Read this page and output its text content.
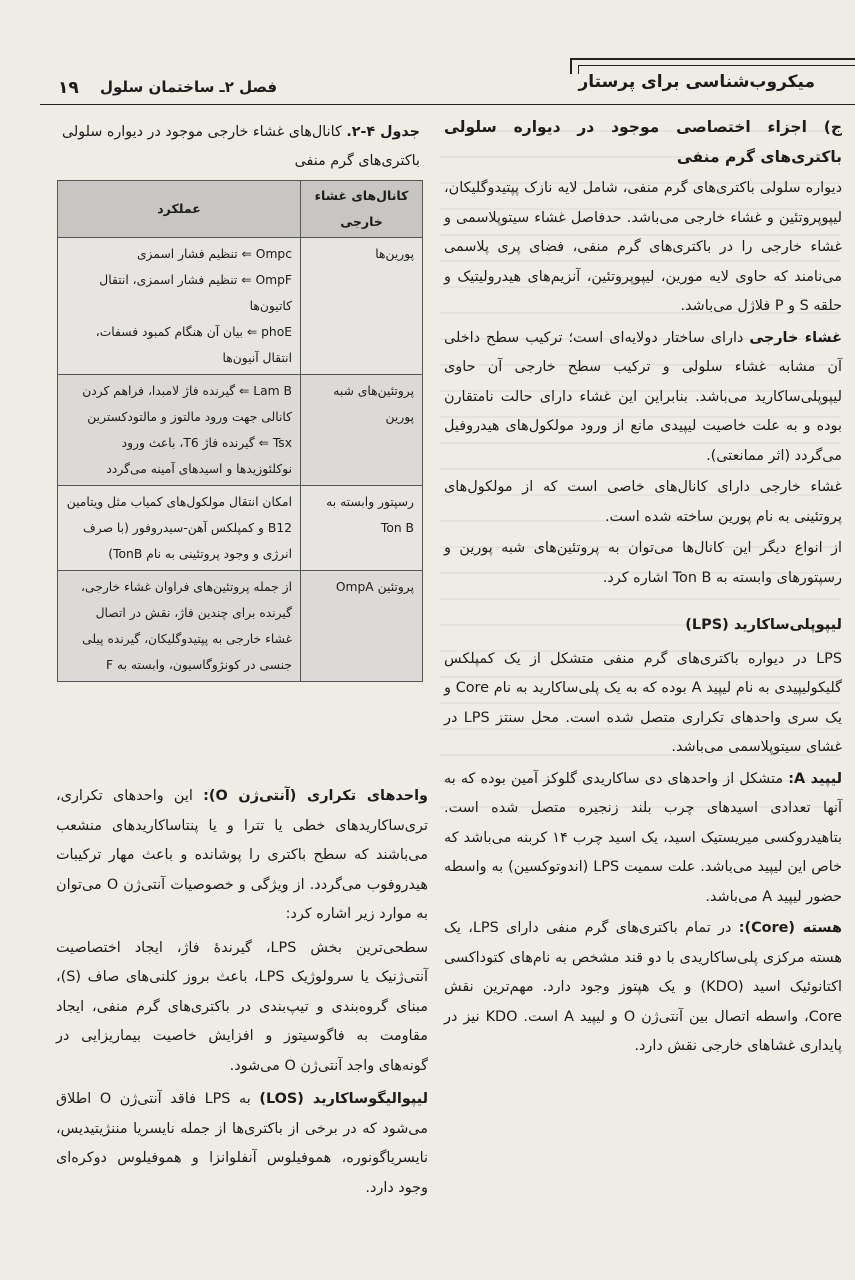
میکروب‌شناسی برای پرستار
فصل ۲ـ ساختمان سلول
۱۹
ج) اجزاء اختصاصی موجود در دیواره سلولی باکتری‌های گرم منفی

دیواره سلولی باکتری‌های گرم منفی، شامل لایه نازک پپتیدوگلیکان، لیپوپروتئین و غشاء خارجی می‌باشد. حدفاصل غشاء سیتوپلاسمی و غشاء خارجی را در باکتری‌های گرم منفی، فضای پری پلاسمی می‌نامند که حاوی لایه مورین، لیپوپروتئین، آنزیم‌های هیدرولیتیک و حلقه S و P فلاژل می‌باشد.

غشاء خارجی دارای ساختار دولایه‌ای است؛ ترکیب سطح داخلی آن مشابه غشاء سلولی و ترکیب سطح خارجی آن حاوی لیپوپلی‌ساکارید می‌باشد. بنابراین این غشاء دارای حالت نامتقارن بوده و به علت خاصیت لیپیدی مانع از ورود مولکول‌های هیدروفیل می‌گردد (اثر ممانعتی).

غشاء خارجی دارای کانال‌های خاصی است که از مولکول‌های پروتئینی به نام پورین ساخته شده است.

از انواع دیگر این کانال‌ها می‌توان به پروتئین‌های شبه پورین و رسپتورهای وابسته به Ton B اشاره کرد.

لیپوپلی‌ساکارید (LPS)

LPS در دیواره باکتری‌های گرم منفی متشکل از یک کمپلکس گلیکولیپیدی به نام لیپید A بوده که به یک پلی‌ساکارید به نام Core و یک سری واحدهای تکراری متصل شده است. محل سنتز LPS در غشای سیتوپلاسمی می‌باشد.

لیپید A: متشکل از واحدهای دی ساکاریدی گلوکز آمین بوده که به آنها تعدادی اسیدهای چرب بلند زنجیره متصل شده است. بتاهیدروکسی میریستیک اسید، یک اسید چرب ۱۴ کربنه می‌باشد که خاص این لیپید می‌باشد. علت سمیت LPS (اندوتوکسین) به واسطه حضور لیپید A می‌باشد.

هسته (Core): در تمام باکتری‌های گرم منفی دارای LPS، یک هسته مرکزی پلی‌ساکاریدی با دو قند مشخص به نام‌های کتوداکسی اکتانوئیک اسید (KDO) و یک هپتوز وجود دارد. مهم‌ترین نقش Core، واسطه اتصال بین آنتی‌ژن O و لیپید A است. KDO نیز در پایداری غشاهای خارجی نقش دارد.

جدول ۴-۲. کانال‌های غشاء خارجی موجود در دیواره سلولی باکتری‌های گرم منفی
کانال‌های غشاء خارجی	عملکرد
پورین‌ها	Ompc ⇐ تنظیم فشار اسمزی
OmpF ⇐ تنظیم فشار اسمزی، انتقال کاتیون‌ها
phoE ⇐ بیان آن هنگام کمبود فسفات، انتقال آنیون‌ها

پروتئین‌های شبه پورین	Lam B ⇐ گیرنده فاژ لامبدا، فراهم کردن کانالی جهت ورود مالتوز و مالتودکسترین
Tsx ⇐ گیرنده فاژ T6، باعث ورود نوکلئوزیدها و اسیدهای آمینه می‌گردد

رسپتور وابسته به Ton B	امکان انتقال مولکول‌های کمیاب مثل ویتامین B12 و کمپلکس آهن-سیدروفور (با صرف انرژی و وجود پروتئینی به نام TonB)

پروتئین OmpA	از جمله پروتئین‌های فراوان غشاء خارجی، گیرنده برای چندین فاژ، نقش در اتصال غشاء خارجی به پپتیدوگلیکان، گیرنده پیلی جنسی در کونژوگاسیون، وابسته به F

واحدهای تکراری (آنتی‌ژن O): این واحدهای تکراری، تری‌ساکاریدهای خطی یا تترا و یا پنتاساکاریدهای منشعب می‌باشند که سطح باکتری را پوشانده و باعث مهار ترکیبات هیدروفوب می‌گردد. از ویژگی و خصوصیات آنتی‌ژن O می‌توان به موارد زیر اشاره کرد:

سطحی‌ترین بخش LPS، گیرندهٔ فاژ، ایجاد اختصاصیت آنتی‌ژنیک یا سرولوژیک LPS، باعث بروز کلنی‌های صاف (S)، مبنای گروه‌بندی و تیپ‌بندی در باکتری‌های گرم منفی، ایجاد مقاومت به فاگوسیتوز و افزایش خاصیت بیماریزایی در گونه‌های واجد آنتی‌ژن O می‌شود.

لیپوالیگوساکارید (LOS) به LPS فاقد آنتی‌ژن O اطلاق می‌شود که در برخی از باکتری‌ها از جمله نایسریا مننژیتیدیس، نایسریاگونوره، هموفیلوس آنفلوانزا و هموفیلوس دوکره‌ای وجود دارد.
